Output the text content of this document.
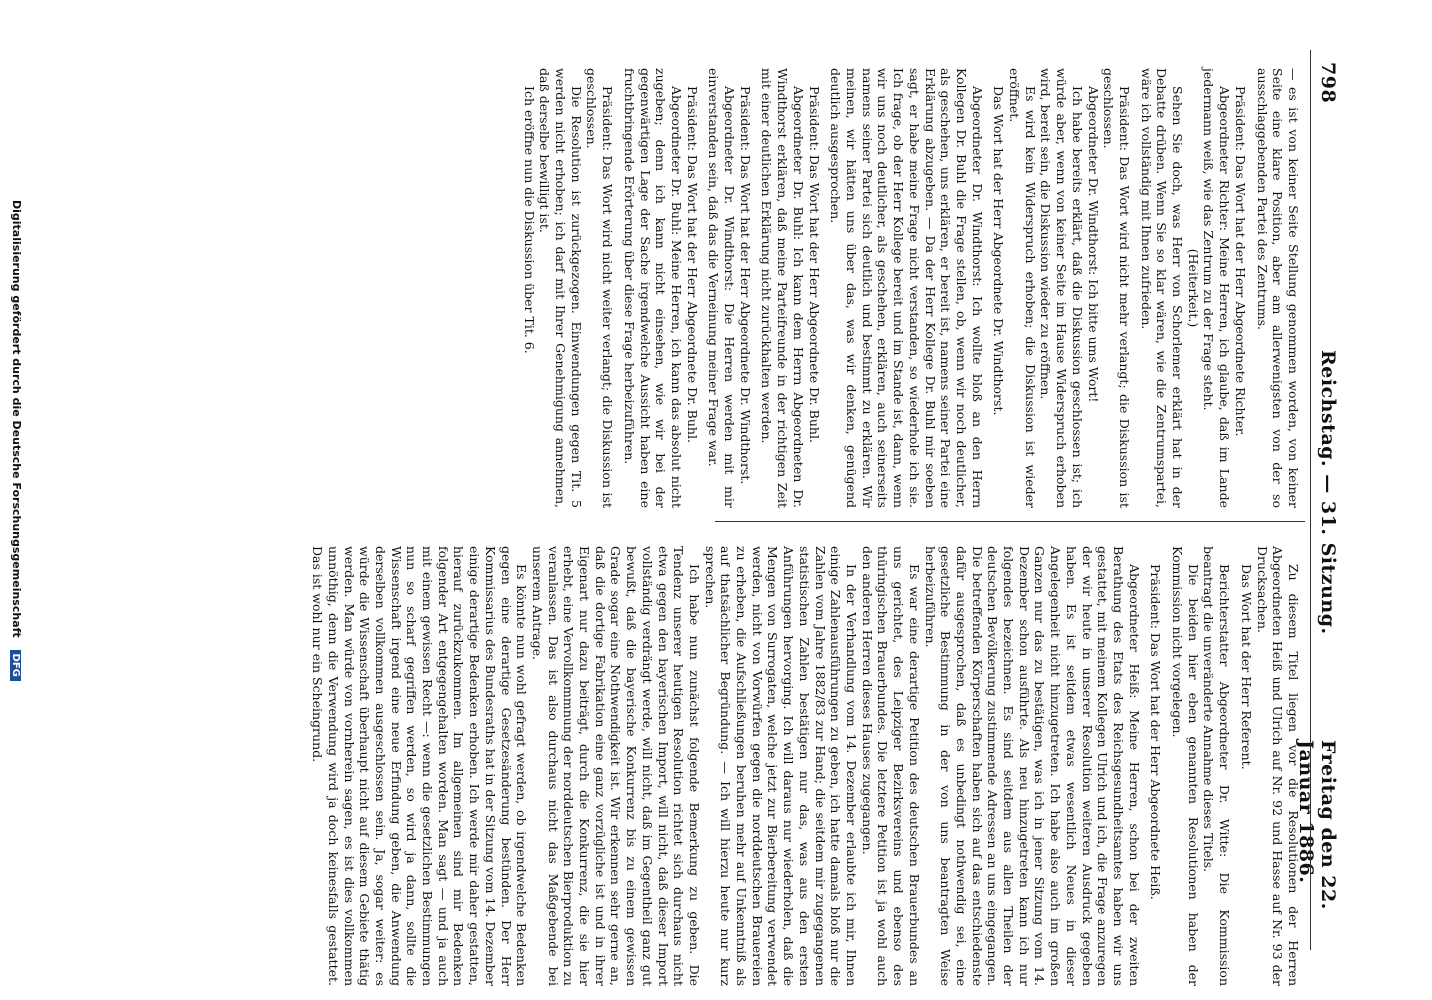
798
Reichstag. — 31. Sitzung.
Freitag den 22. Januar 1886.

— es ist von keiner Seite Stellung genommen worden, von keiner Seite eine klare Position, aber am allerwenigsten von der so ausschlaggebenden Partei des Zentrums.

Präsident: Das Wort hat der Herr Abgeordnete Richter.

Abgeordneter Richter: Meine Herren, ich glaube, daß im Lande jedermann weiß, wie das Zentrum zu der Frage steht.

(Heiterkeit.)

Sehen Sie doch, was Herr von Schorlemer erklärt hat in der Debatte drüben. Wenn Sie so klar wären, wie die Zentrumspartei, wäre ich vollständig mit Ihnen zufrieden.

Präsident: Das Wort wird nicht mehr verlangt; die Diskussion ist geschlossen.

Abgeordneter Dr. Windthorst: Ich bitte ums Wort!

Ich habe bereits erklärt, daß die Diskussion geschlossen ist; ich würde aber, wenn von keiner Seite im Hause Widerspruch erhoben wird, bereit sein, die Diskussion wieder zu eröffnen.

Es wird kein Widerspruch erhoben; die Diskussion ist wieder eröffnet.

Das Wort hat der Herr Abgeordnete Dr. Windthorst.

Abgeordneter Dr. Windthorst: Ich wollte bloß an den Herrn Kollegen Dr. Buhl die Frage stellen, ob, wenn wir noch deutlicher, als geschehen, uns erklären, er bereit ist, namens seiner Partei eine Erklärung abzugeben. — Da der Herr Kollege Dr. Buhl mir soeben sagt, er habe meine Frage nicht verstanden, so wiederhole ich sie. Ich frage, ob der Herr Kollege bereit und im Stande ist, dann, wenn wir uns noch deutlicher, als geschehen, erklären, auch seinerseits namens seiner Partei sich deutlich und bestimmt zu erklären. Wir meinen, wir hätten uns über das, was wir denken, genügend deutlich ausgesprochen.

Präsident: Das Wort hat der Herr Abgeordnete Dr. Buhl.

Abgeordneter Dr. Buhl: Ich kann dem Herrn Abgeordneten Dr. Windthorst erklären, daß meine Parteifreunde in der richtigen Zeit mit einer deutlichen Erklärung nicht zurückhalten werden.

Präsident: Das Wort hat der Herr Abgeordnete Dr. Windthorst.

Abgeordneter Dr. Windthorst: Die Herren werden mit mir einverstanden sein, daß das die Verneinung meiner Frage war.

Präsident: Das Wort hat der Herr Abgeordnete Dr. Buhl.

Abgeordneter Dr. Buhl: Meine Herren, ich kann das absolut nicht zugeben; denn ich kann nicht einsehen, wie wir bei der gegenwärtigen Lage der Sache irgendwelche Aussicht haben eine fruchtbringende Erörterung über diese Frage herbeizuführen.

Präsident: Das Wort wird nicht weiter verlangt; die Diskussion ist geschlossen.

Die Resolution ist zurückgezogen. Einwendungen gegen Tit. 5 werden nicht erhoben; ich darf mit Ihrer Genehmigung annehmen, daß derselbe bewilligt ist.

Ich eröffne nun die Diskussion über Tit. 6.

Zu diesem Titel liegen vor die Resolutionen der Herren Abgeordneten Heiß und Ulrich auf Nr. 92 und Hasse auf Nr. 93 der Drucksachen.

Das Wort hat der Herr Referent.

Berichterstatter Abgeordneter Dr. Witte: Die Kommission beantragt die unveränderte Annahme dieses Titels.

Die beiden hier eben genannten Resolutionen haben der Kommission nicht vorgelegen.

Präsident: Das Wort hat der Herr Abgeordnete Heiß.

Abgeordneter Heiß: Meine Herren, schon bei der zweiten Berathung des Etats des Reichsgesundheitsamtes haben wir uns gestattet, mit meinem Kollegen Ulrich und ich, die Frage anzuregen der wir heute in unserer Resolution weiteren Ausdruck gegeben haben. Es ist seitdem etwas wesentlich Neues in dieser Angelegenheit nicht hinzugetreten. Ich habe also auch im großen Ganzen nur das zu bestätigen, was ich in jener Sitzung vom 14. Dezember schon ausführte. Als neu hinzugetreten kann ich nur folgendes bezeichnen. Es sind seitdem aus allen Theilen der deutschen Bevölkerung zustimmende Adressen an uns eingegangen. Die betreffenden Körperschaften haben sich auf das entschiedenste dafür ausgesprochen, daß es unbedingt nothwendig sei, eine gesetzliche Bestimmung in der von uns beantragten Weise herbeizuführen.

Es war eine derartige Petition des deutschen Brauerbundes an uns gerichtet, des Leipziger Bezirksvereins und ebenso des thüringischen Brauerbundes. Die letztere Petition ist ja wohl auch den anderen Herren dieses Hauses zugegangen.

In der Verhandlung vom 14. Dezember erlaubte ich mir, Ihnen einige Zahlenausführungen zu geben, ich hatte damals bloß nur die Zahlen vom Jahre 1882/83 zur Hand; die seitdem mir zugegangenen statistischen Zahlen bestätigen nur das, was aus den ersten Anführungen hervorging. Ich will daraus nur wiederholen, daß die Mengen von Surrogaten, welche jetzt zur Bierbereitung verwendet werden, nicht von Vorwürfen gegen die norddeutschen Brauereien zu erheben, die Aufschließungen beruhen mehr auf Unkenntniß als auf thatsächlicher Begründung. — Ich will hierzu heute nur kurz sprechen.

Ich habe nun zunächst folgende Bemerkung zu geben. Die Tendenz unserer heutigen Resolution richtet sich durchaus nicht etwa gegen den bayerischen Import, will nicht, daß dieser Import vollständig verdrängt werde, will nicht, daß im Gegentheil ganz gut bewußt, daß die bayerische Konkurrenz bis zu einem gewissen Grade sogar eine Nothwendigkeit ist. Wir erkennen sehr gerne an, daß die dortige Fabrikation eine ganz vorzügliche ist und in ihrer Eigenart nur dazu beiträgt, durch die Konkurrenz, die sie hier erhebt, eine Vervollkommnung der norddeutschen Bierproduktion zu veranlassen. Das ist also durchaus nicht das Maßgebende bei unserem Antrage.

Es könnte nun wohl gefragt werden, ob irgendwelche Bedenken gegen eine derartige Gesetzesänderung bestünden. Der Herr Kommissarius des Bundesraths hat in der Sitzung vom 14. Dezember einige derartige Bedenken erhoben. Ich werde mir daher gestatten, hierauf zurückzukommen. Im allgemeinen sind mir Bedenken folgender Art entgegengehalten worden. Man sagt — und ja auch mit einem gewissen Recht —: wenn die gesetzlichen Bestimmungen nun so scharf gegriffen werden, so wird ja dann, sollte die Wissenschaft irgend eine neue Erfindung geben, die Anwendung derselben vollkommen ausgeschlossen sein. Ja, sogar weiter: es würde die Wissenschaft überhaupt nicht auf diesem Gebiete thätig werden. Man würde von vornherein sagen, es ist dies vollkommen unnöthig, denn die Verwendung wird ja doch keinesfalls gestattet. Das ist wohl nur ein Scheingrund.

Digitalisierung gefördert durch die Deutsche Forschungsgemeinschaft DFG
